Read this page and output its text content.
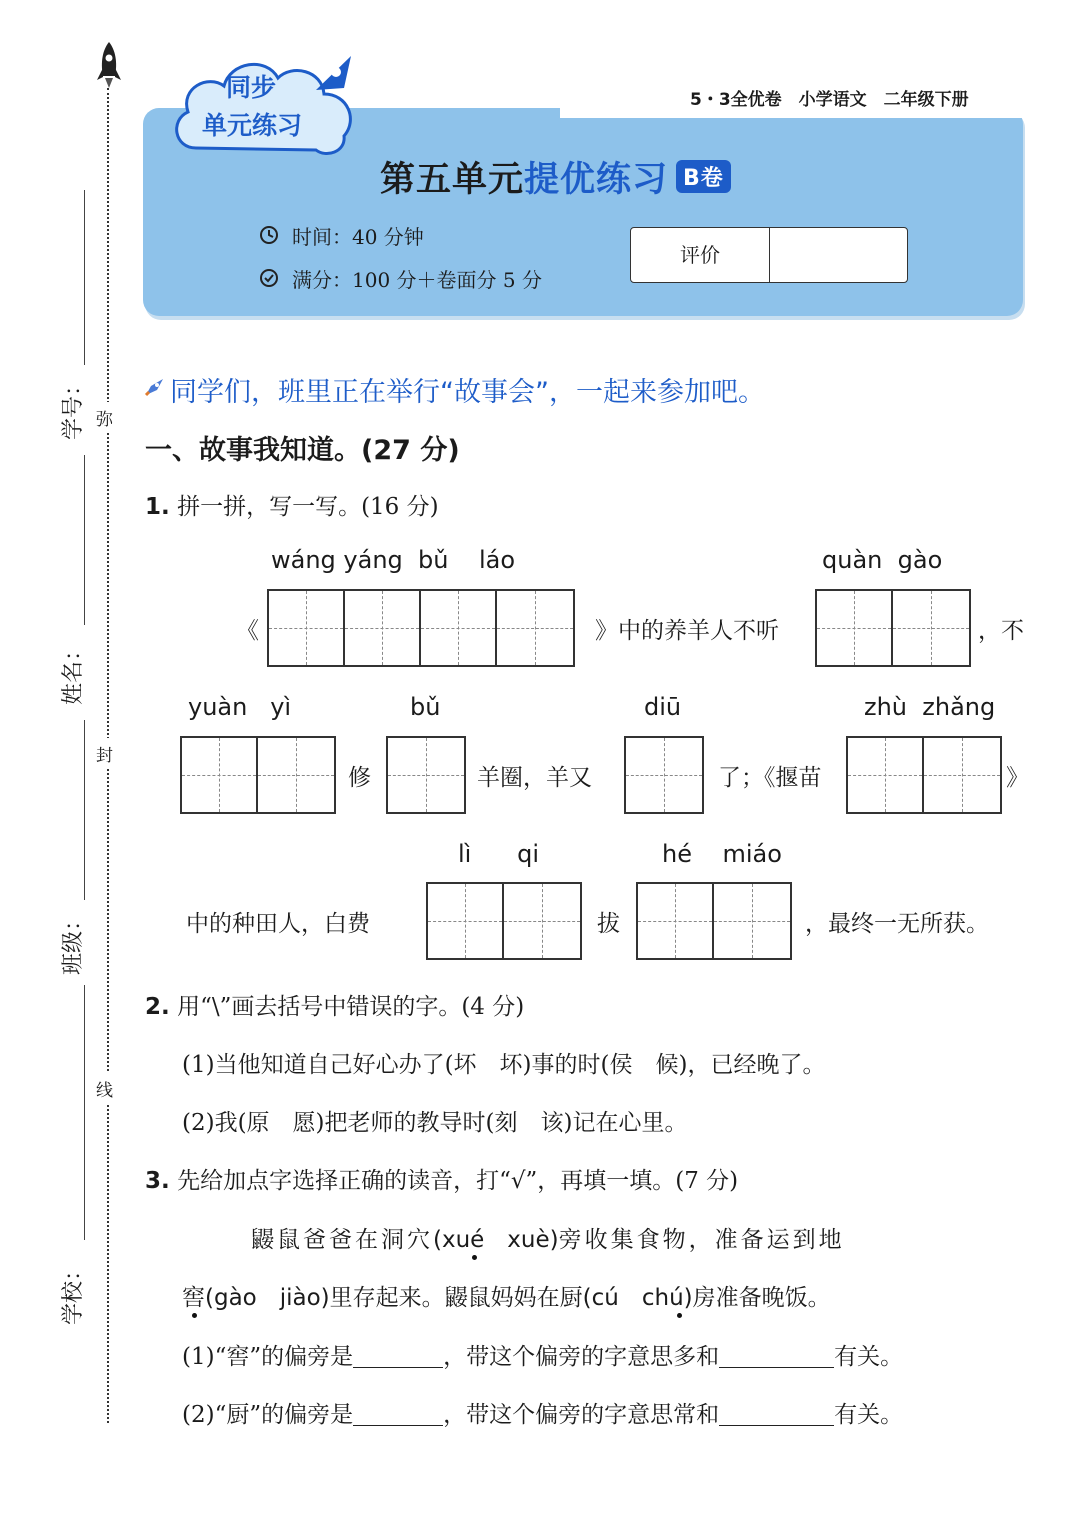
学号：
姓名：
班级：
学校：
弥
封
线
5・3全优卷　小学语文　二年级下册
同步
单元练习
第五单元提优练习 B卷
时间：40 分钟
满分：100 分＋卷面分 5 分
评价
同学们，班里正在举行“故事会”，一起来参加吧。
一、故事我知道。(27 分)
1. 拼一拼，写一写。(16 分)
wáng yáng  bǔ    láo	quàn  gào
《	》中的养羊人不听	，不
yuàn   yì	bǔ	diū	zhù  zhǎng
修	羊圈，羊又	了；《揠苗	》
lì      qi	hé    miáo
中的种田人，白费	拔	，最终一无所获。
2. 用“\”画去括号中错误的字。(4 分)
(1)当他知道自己好心办了(坏　坏)事的时(侯　候)，已经晚了。
(2)我(原　愿)把老师的教导时(刻　该)记在心里。
3. 先给加点字选择正确的读音，打“√”，再填一填。(7 分)
鼹鼠爸爸在洞穴(xué　xuè)旁收集食物，准备运到地
窖(gào　jiào)里存起来。鼹鼠妈妈在厨(cú　chú)房准备晚饭。
(1)“窖”的偏旁是	，带这个偏旁的字意思多和	有关。
(2)“厨”的偏旁是	，带这个偏旁的字意思常和	有关。
